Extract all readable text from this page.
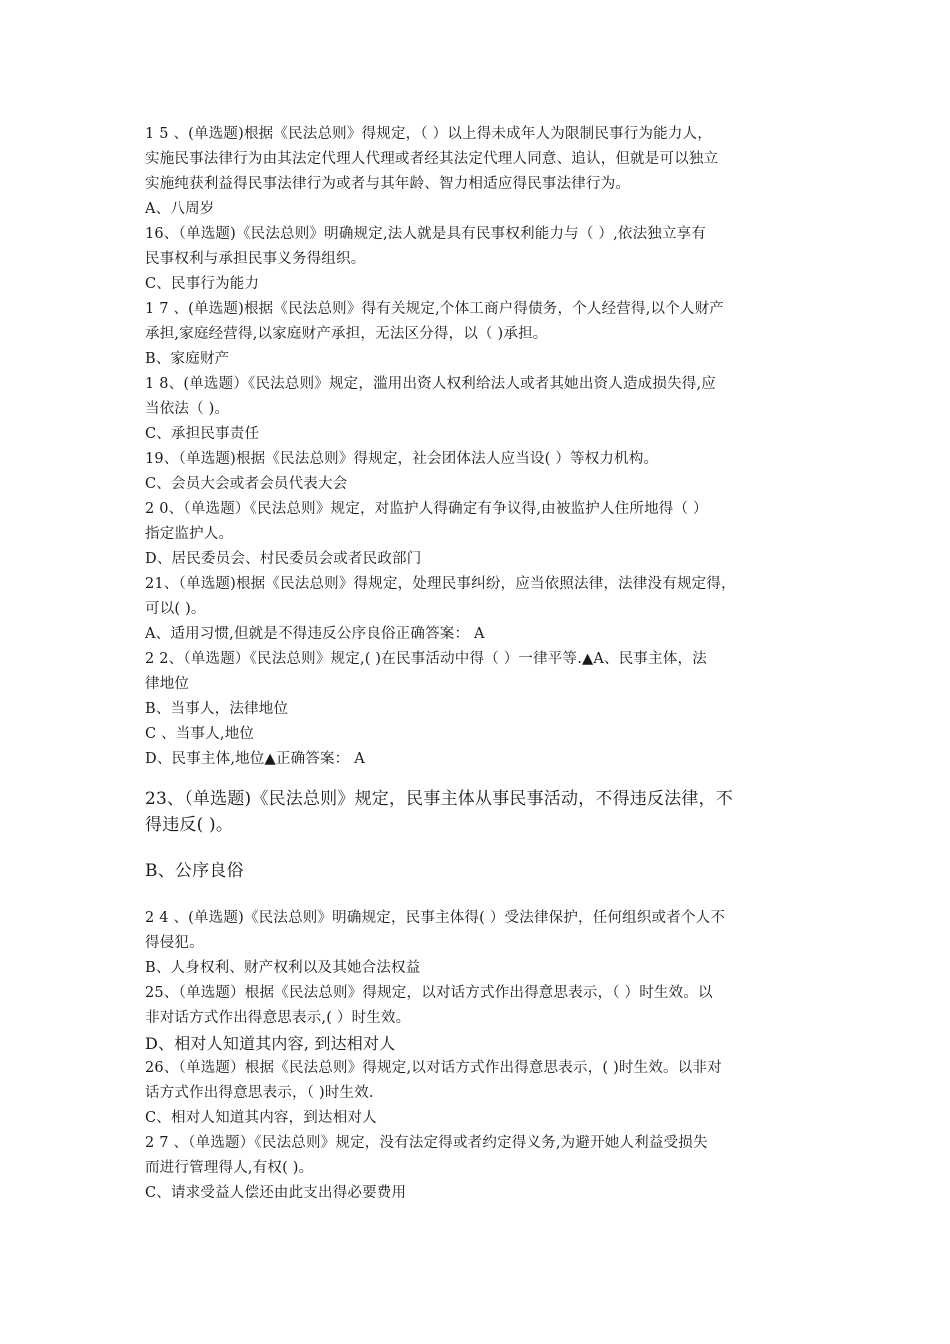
1 5 、(单选题)根据《民法总则》得规定，（ ）以上得未成年人为限制民事行为能力人，
实施民事法律行为由其法定代理人代理或者经其法定代理人同意、追认，但就是可以独立
实施纯获利益得民事法律行为或者与其年龄、智力相适应得民事法律行为。
A、八周岁
16、（单选题)《民法总则》明确规定,法人就是具有民事权利能力与（ ）,依法独立享有
民事权利与承担民事义务得组织。
C、民事行为能力
1 7 、(单选题)根据《民法总则》得有关规定,个体工商户得债务，个人经营得,以个人财产
承担,家庭经营得,以家庭财产承担，无法区分得，以（ )承担。
B、家庭财产
1 8、(单选题）《民法总则》规定，滥用出资人权利给法人或者其她出资人造成损失得,应
当依法（ )。
C、承担民事责任
19、（单选题)根据《民法总则》得规定，社会团体法人应当设( ）等权力机构。
C、会员大会或者会员代表大会
2 0、（单选题）《民法总则》规定，对监护人得确定有争议得,由被监护人住所地得（ ）
指定监护人。
D、居民委员会、村民委员会或者民政部门
21、（单选题)根据《民法总则》得规定，处理民事纠纷，应当依照法律，法律没有规定得，
可以( )。
A、适用习惯,但就是不得违反公序良俗正确答案： A
2 2、（单选题）《民法总则》规定,( )在民事活动中得（ ）一律平等.▲A、民事主体，法
律地位
B、当事人，法律地位
C 、当事人,地位
D、民事主体,地位▲正确答案： A
23、（单选题)《民法总则》规定，民事主体从事民事活动，不得违反法律，不
得违反( )。
B、公序良俗
2 4 、(单选题)《民法总则》明确规定，民事主体得( ）受法律保护，任何组织或者个人不
得侵犯。
B、人身权利、财产权利以及其她合法权益
25、（单选题）根据《民法总则》得规定，以对话方式作出得意思表示，（ ）时生效。以
非对话方式作出得意思表示,( ）时生效。
D、相对人知道其内容, 到达相对人
26、（单选题）根据《民法总则》得规定,以对话方式作出得意思表示，( )时生效。以非对
话方式作出得意思表示，（ )时生效.
C、相对人知道其内容，到达相对人
2 7 、（单选题）《民法总则》规定，没有法定得或者约定得义务,为避开她人利益受损失
而进行管理得人,有权( )。
C、请求受益人偿还由此支出得必要费用
